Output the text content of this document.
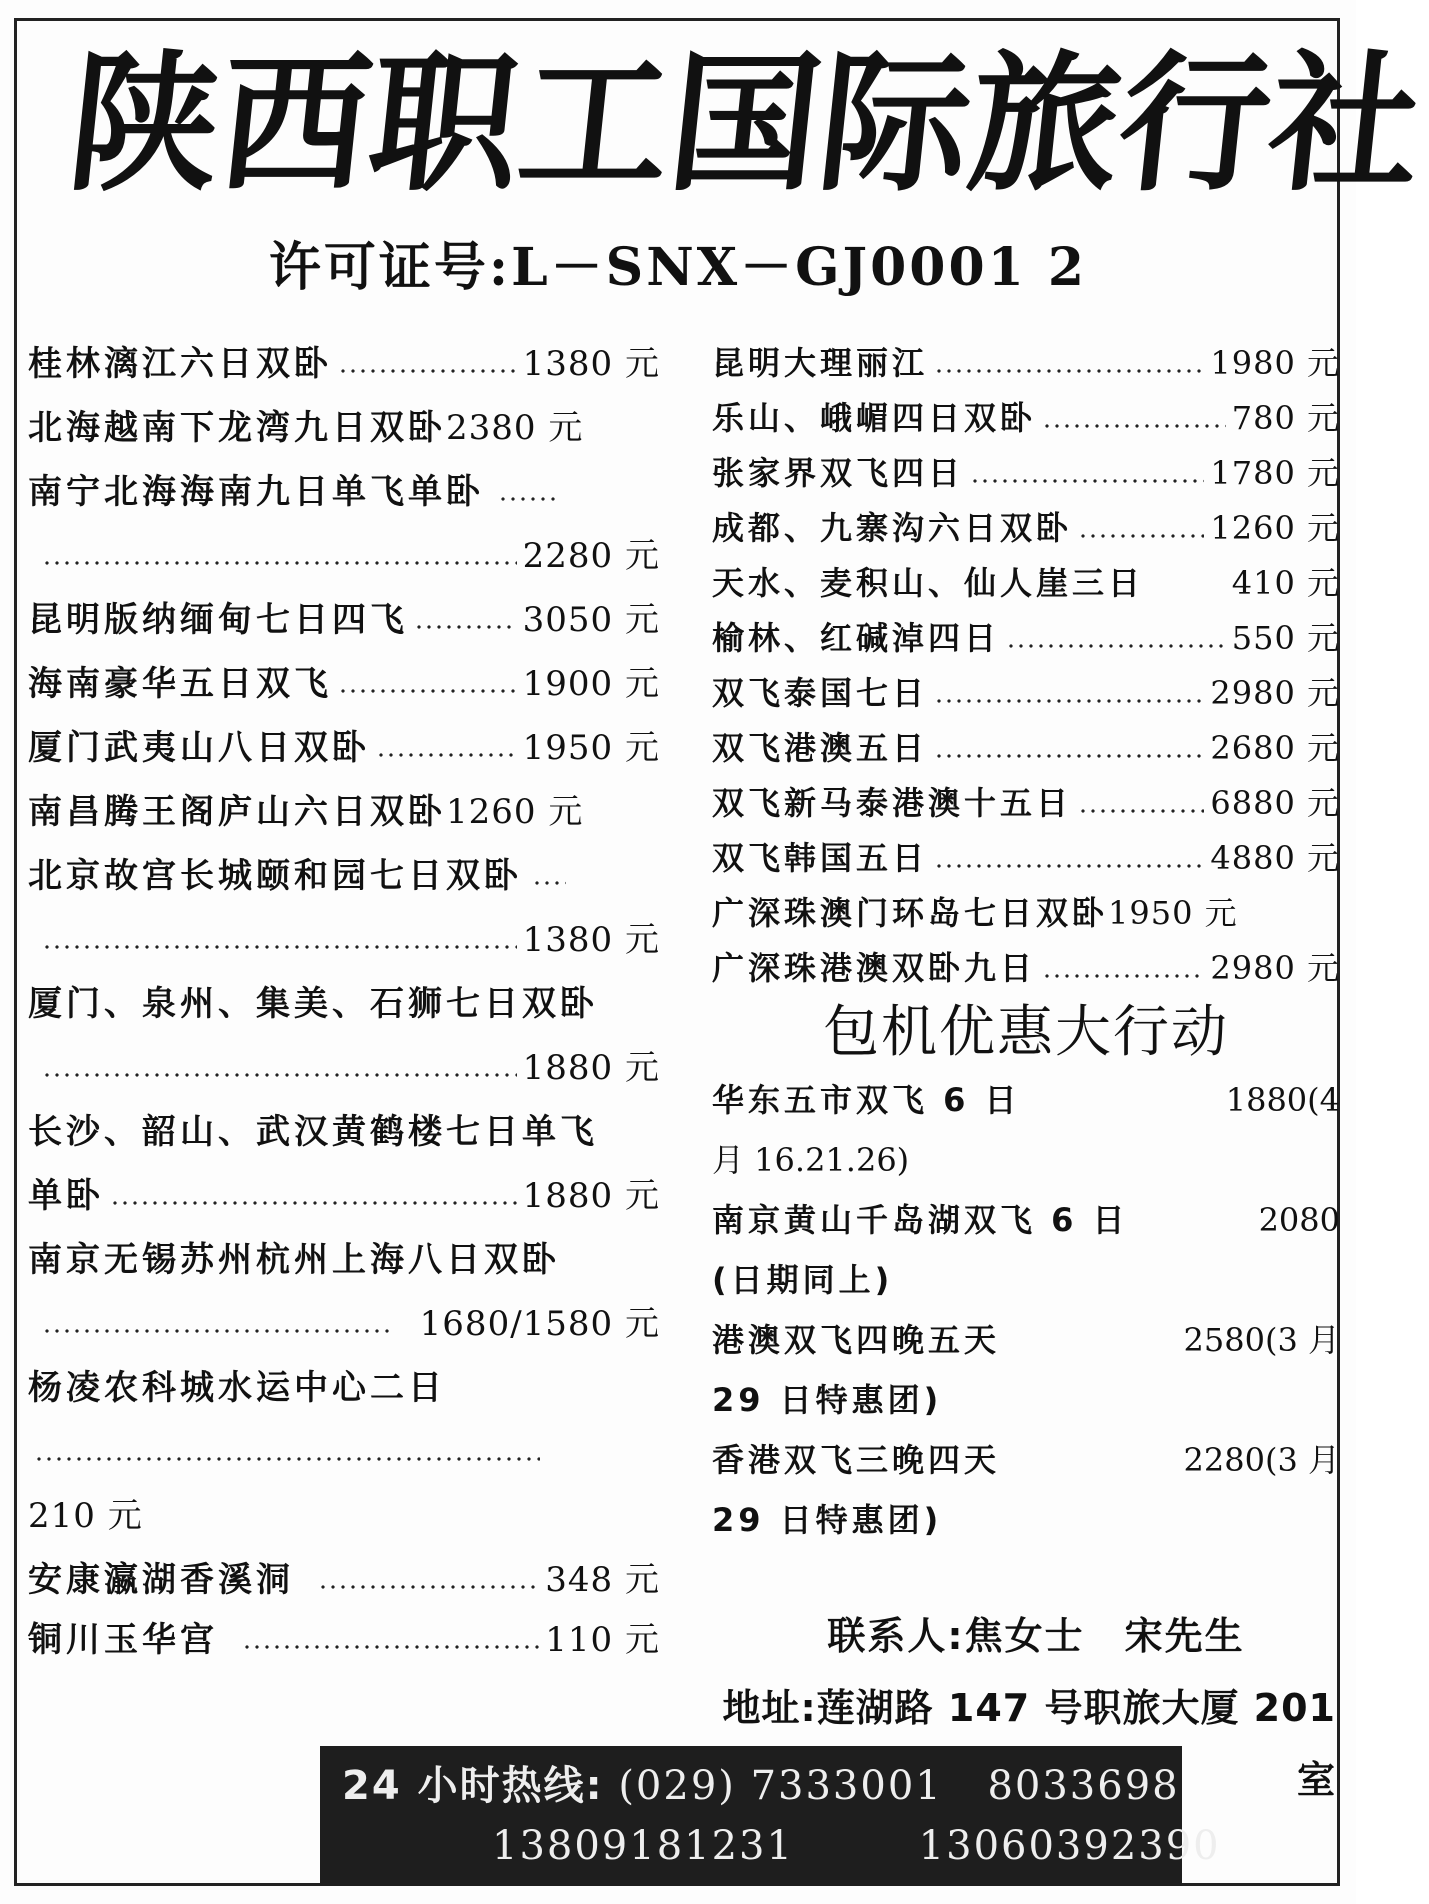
陕
西
职
工
国
际
旅
行
社
许可证号:L－SNX－GJ0001 2
桂林漓江六日双卧	1380 元
北海越南下龙湾九日双卧 2380 元
南宁北海海南九日单飞单卧
2280 元
昆明版纳缅甸七日四飞	3050 元
海南豪华五日双飞	1900 元
厦门武夷山八日双卧	1950 元
南昌腾王阁庐山六日双卧 1260 元
北京故宫长城颐和园七日双卧
1380 元
厦门、泉州、集美、石狮七日双卧
1880 元
长沙、韶山、武汉黄鹤楼七日单飞
单卧	1880 元
南京无锡苏州杭州上海八日双卧
1680/1580 元
杨凌农科城水运中心二日
210 元
安康瀛湖香溪洞	348 元
铜川玉华宫	110 元
昆明大理丽江	1980 元
乐山、峨嵋四日双卧	780 元
张家界双飞四日	1780 元
成都、九寨沟六日双卧	1260 元
天水、麦积山、仙人崖三日	410 元
榆林、红碱淖四日	550 元
双飞泰国七日	2980 元
双飞港澳五日	2680 元
双飞新马泰港澳十五日	6880 元
双飞韩国五日	4880 元
广深珠澳门环岛七日双卧 1950 元
广深珠港澳双卧九日	2980 元
包机优惠大行动
华东五市双飞 6 日	1880(4
月 16.21.26)
南京黄山千岛湖双飞 6 日	2080
(日期同上)
港澳双飞四晚五天	2580(3 月
29 日特惠团)
香港双飞三晚四天	2280(3 月
29 日特惠团)
联系人:焦女士　宋先生
地址:莲湖路 147 号职旅大厦 201 室
24 小时热线: (029) 7333001 8033698
13809181231	13060392390
